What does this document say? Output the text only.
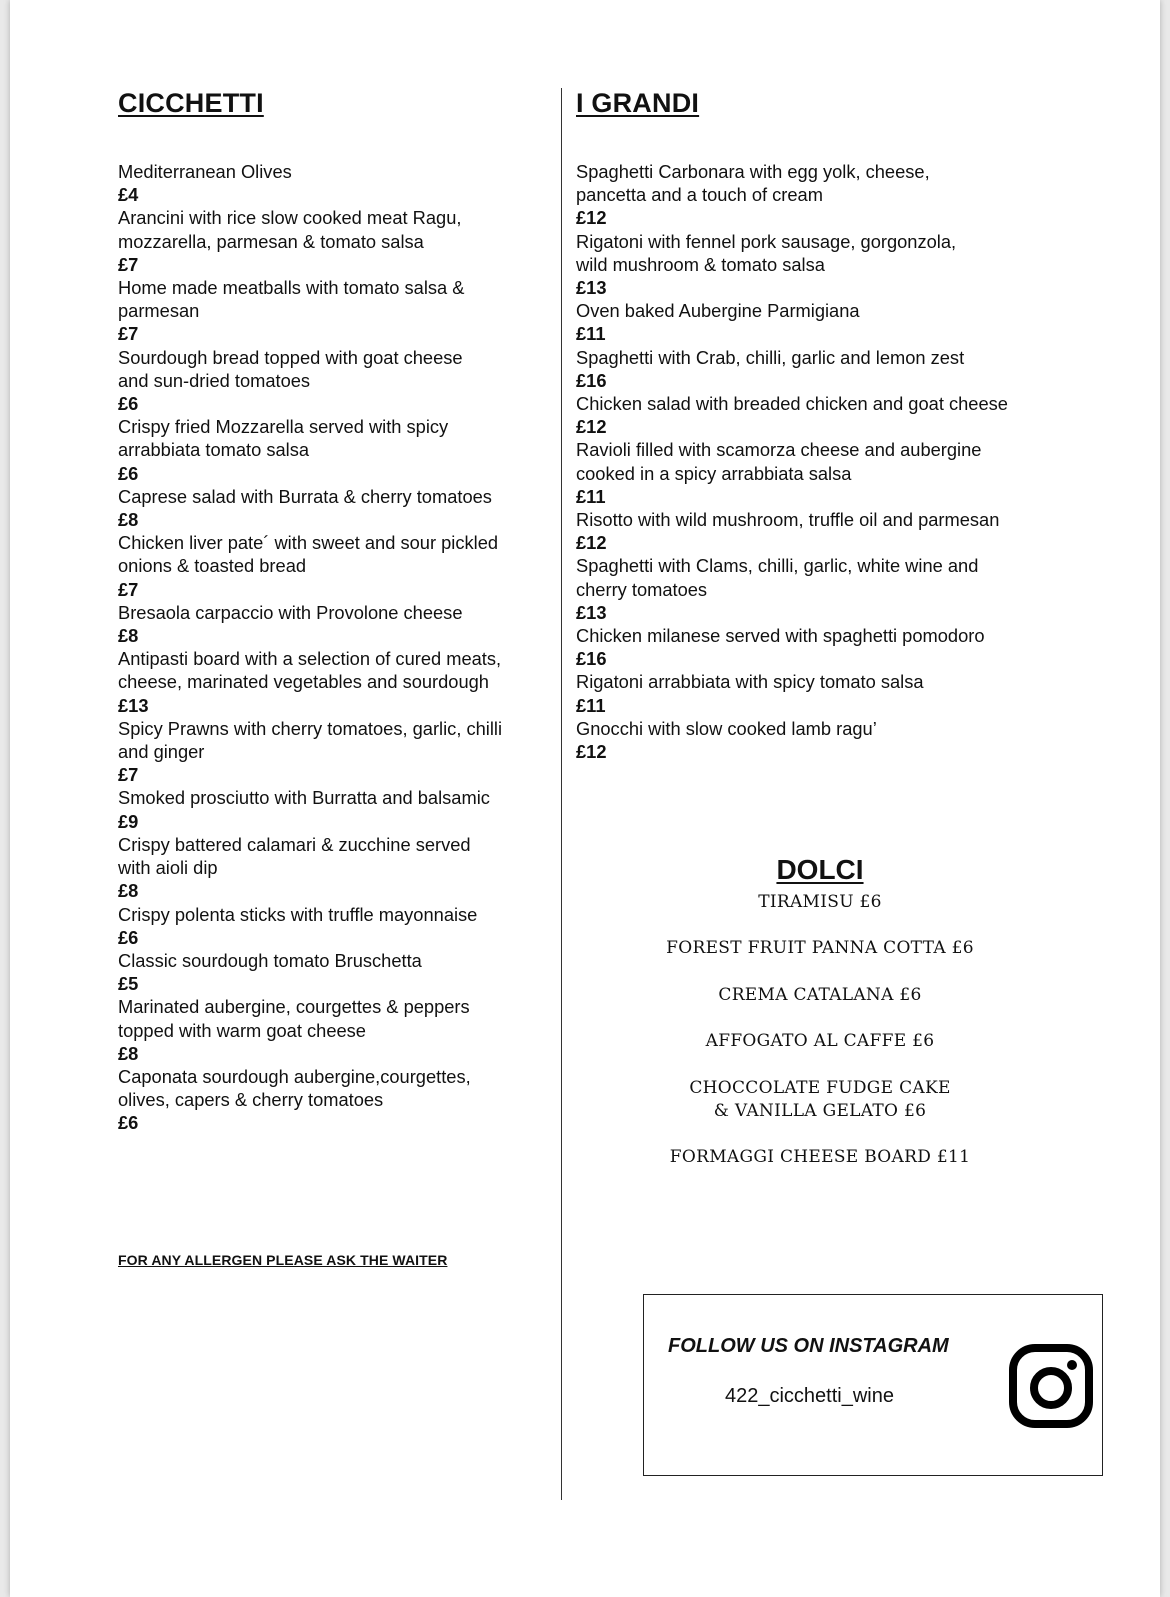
CICCHETTI
Mediterranean Olives
£4
Arancini with rice slow cooked meat Ragu,
mozzarella, parmesan & tomato salsa
£7
Home made meatballs with tomato salsa &
parmesan
£7
Sourdough bread topped with goat cheese
and sun-dried tomatoes
£6
Crispy fried Mozzarella served with spicy
arrabbiata tomato salsa
£6
Caprese salad with Burrata & cherry tomatoes
£8
Chicken liver pate´ with sweet and sour pickled
onions & toasted bread
£7
Bresaola carpaccio with Provolone cheese
£8
Antipasti board with a selection of cured meats,
cheese, marinated vegetables and sourdough
£13
Spicy Prawns with cherry tomatoes, garlic, chilli
and ginger
£7
Smoked prosciutto with Burratta and balsamic
£9
Crispy battered calamari & zucchine served
with aioli dip
£8
Crispy polenta sticks with truffle mayonnaise
£6
Classic sourdough tomato Bruschetta
£5
Marinated aubergine, courgettes & peppers
topped with warm goat cheese
£8
Caponata sourdough aubergine,courgettes,
olives, capers & cherry tomatoes
£6
I GRANDI
Spaghetti Carbonara with egg yolk, cheese,
pancetta and a touch of cream
£12
Rigatoni with fennel pork sausage, gorgonzola,
wild mushroom & tomato salsa
£13
Oven baked Aubergine Parmigiana
£11
Spaghetti with Crab, chilli, garlic and lemon zest
£16
Chicken salad with breaded chicken and goat cheese
£12
Ravioli filled with scamorza cheese and aubergine
cooked in a spicy arrabbiata salsa
£11
Risotto with wild mushroom, truffle oil and parmesan
£12
Spaghetti with Clams, chilli, garlic, white wine and
cherry tomatoes
£13
Chicken milanese served with spaghetti pomodoro
£16
Rigatoni arrabbiata with spicy tomato salsa
£11
Gnocchi with slow cooked lamb ragu’
£12
FOR ANY ALLERGEN PLEASE ASK THE WAITER
DOLCI
TIRAMISU £6
FOREST FRUIT PANNA COTTA £6
CREMA CATALANA £6
AFFOGATO AL CAFFE £6
CHOCCOLATE FUDGE CAKE
& VANILLA GELATO £6
FORMAGGI CHEESE BOARD £11
FOLLOW US ON INSTAGRAM
422_cicchetti_wine
